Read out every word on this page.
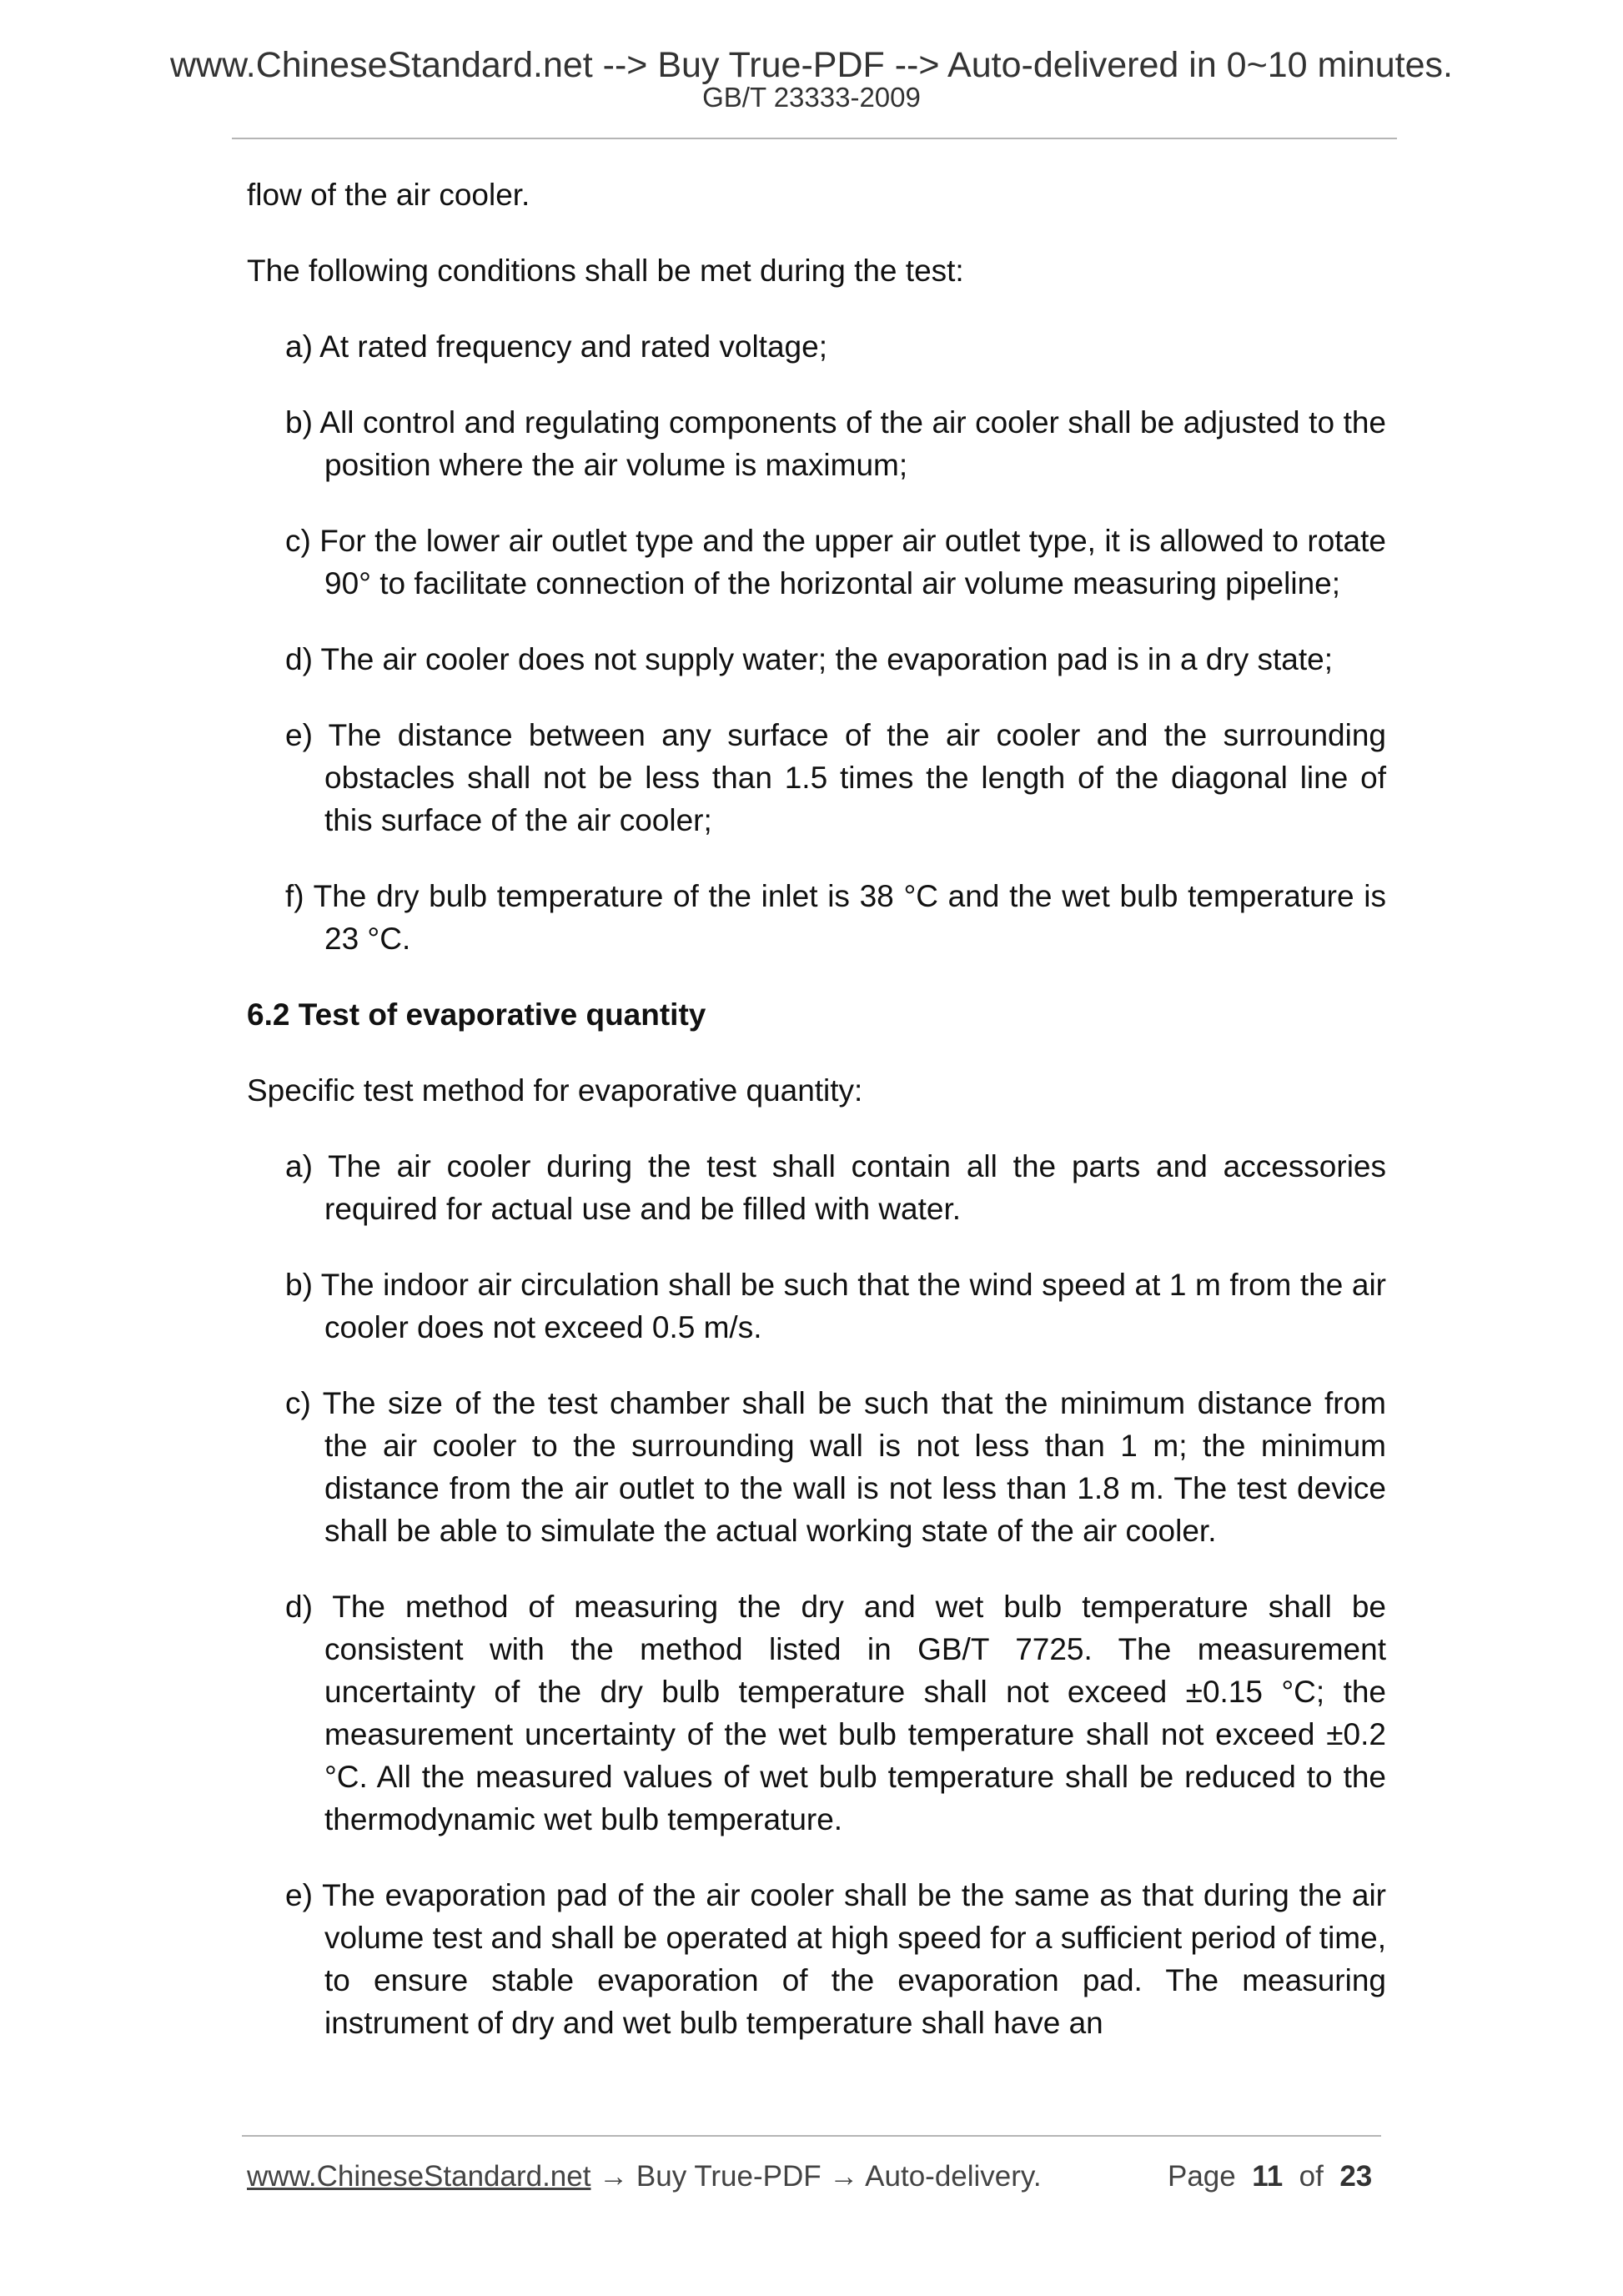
www.ChineseStandard.net --> Buy True-PDF --> Auto-delivered in 0~10 minutes.
GB/T 23333-2009

flow of the air cooler.

The following conditions shall be met during the test:

a) At rated frequency and rated voltage;
b) All control and regulating components of the air cooler shall be adjusted to the position where the air volume is maximum;
c) For the lower air outlet type and the upper air outlet type, it is allowed to rotate 90° to facilitate connection of the horizontal air volume measuring pipeline;
d) The air cooler does not supply water; the evaporation pad is in a dry state;
e) The distance between any surface of the air cooler and the surrounding obstacles shall not be less than 1.5 times the length of the diagonal line of this surface of the air cooler;
f) The dry bulb temperature of the inlet is 38 °C and the wet bulb temperature is 23 °C.

6.2 Test of evaporative quantity

Specific test method for evaporative quantity:

a) The air cooler during the test shall contain all the parts and accessories required for actual use and be filled with water.
b) The indoor air circulation shall be such that the wind speed at 1 m from the air cooler does not exceed 0.5 m/s.
c) The size of the test chamber shall be such that the minimum distance from the air cooler to the surrounding wall is not less than 1 m; the minimum distance from the air outlet to the wall is not less than 1.8 m. The test device shall be able to simulate the actual working state of the air cooler.
d) The method of measuring the dry and wet bulb temperature shall be consistent with the method listed in GB/T 7725. The measurement uncertainty of the dry bulb temperature shall not exceed ±0.15 °C; the measurement uncertainty of the wet bulb temperature shall not exceed ±0.2 °C. All the measured values of wet bulb temperature shall be reduced to the thermodynamic wet bulb temperature.
e) The evaporation pad of the air cooler shall be the same as that during the air volume test and shall be operated at high speed for a sufficient period of time, to ensure stable evaporation of the evaporation pad. The measuring instrument of dry and wet bulb temperature shall have an
www.ChineseStandard.net → Buy True-PDF → Auto-delivery.	Page 11 of 23
